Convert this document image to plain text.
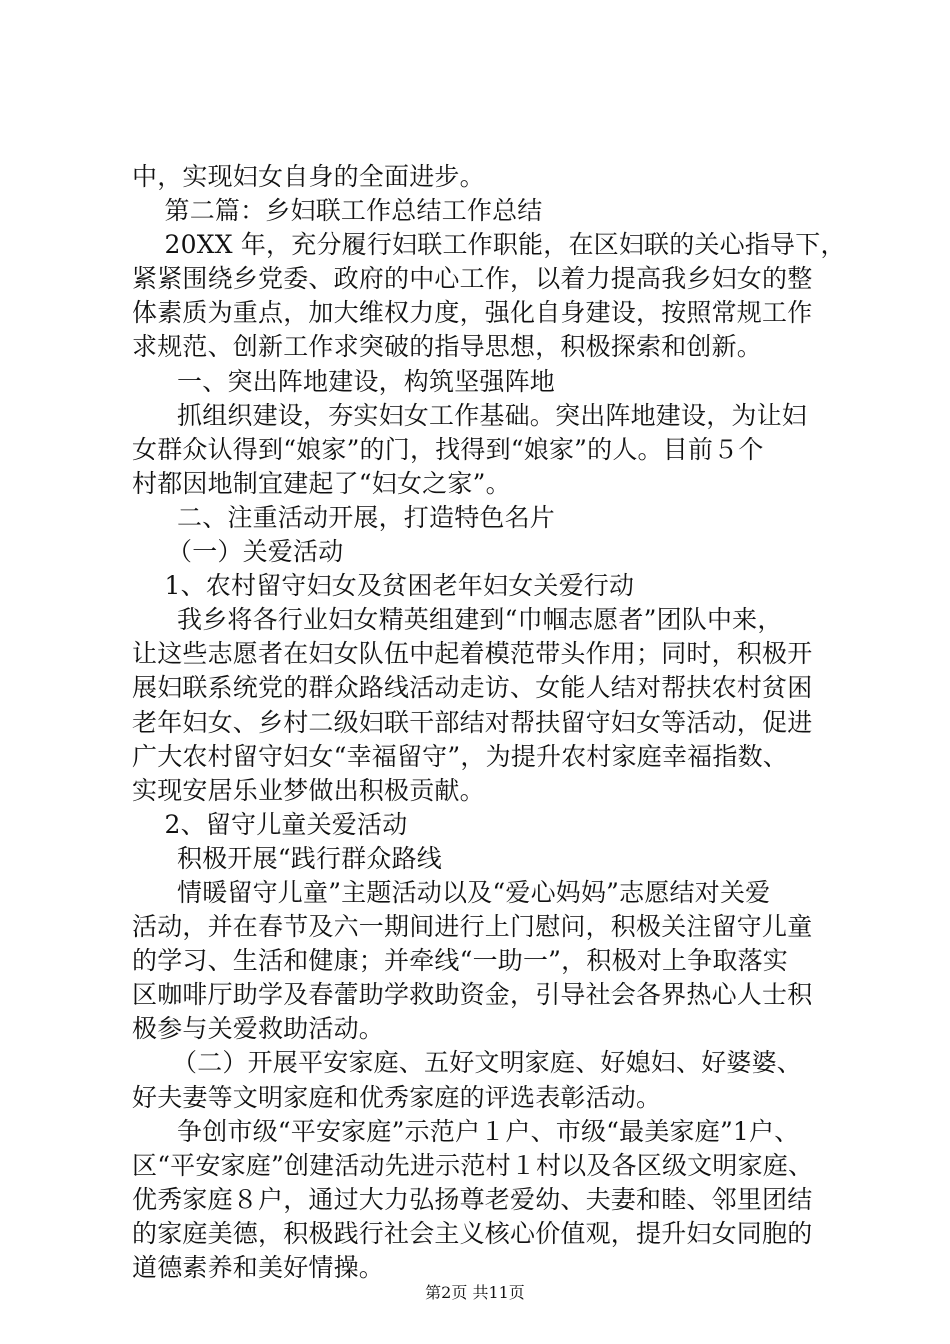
中，实现妇女自身的全面进步。
第二篇：乡妇联工作总结工作总结
20XX 年，充分履行妇联工作职能，在区妇联的关心指导下，
紧紧围绕乡党委、政府的中心工作，以着力提高我乡妇女的整
体素质为重点，加大维权力度，强化自身建设，按照常规工作
求规范、创新工作求突破的指导思想，积极探索和创新。
一、突出阵地建设，构筑坚强阵地
抓组织建设，夯实妇女工作基础。突出阵地建设，为让妇
女群众认得到“娘家”的门，找得到“娘家”的人。目前５个
村都因地制宜建起了“妇女之家”。
二、注重活动开展，打造特色名片
（一）关爱活动
1、农村留守妇女及贫困老年妇女关爱行动
我乡将各行业妇女精英组建到“巾帼志愿者”团队中来，
让这些志愿者在妇女队伍中起着模范带头作用；同时，积极开
展妇联系统党的群众路线活动走访、女能人结对帮扶农村贫困
老年妇女、乡村二级妇联干部结对帮扶留守妇女等活动，促进
广大农村留守妇女“幸福留守”，为提升农村家庭幸福指数、
实现安居乐业梦做出积极贡献。
2、留守儿童关爱活动
积极开展“践行群众路线
情暖留守儿童”主题活动以及“爱心妈妈”志愿结对关爱
活动，并在春节及六一期间进行上门慰问，积极关注留守儿童
的学习、生活和健康；并牵线“一助一”，积极对上争取落实
区咖啡厅助学及春蕾助学救助资金，引导社会各界热心人士积
极参与关爱救助活动。
（二）开展平安家庭、五好文明家庭、好媳妇、好婆婆、
好夫妻等文明家庭和优秀家庭的评选表彰活动。
争创市级“平安家庭”示范户１户、市级“最美家庭”1户、
区“平安家庭”创建活动先进示范村１村以及各区级文明家庭、
优秀家庭８户，通过大力弘扬尊老爱幼、夫妻和睦、邻里团结
的家庭美德，积极践行社会主义核心价值观，提升妇女同胞的
道德素养和美好情操。
第2页 共11页
